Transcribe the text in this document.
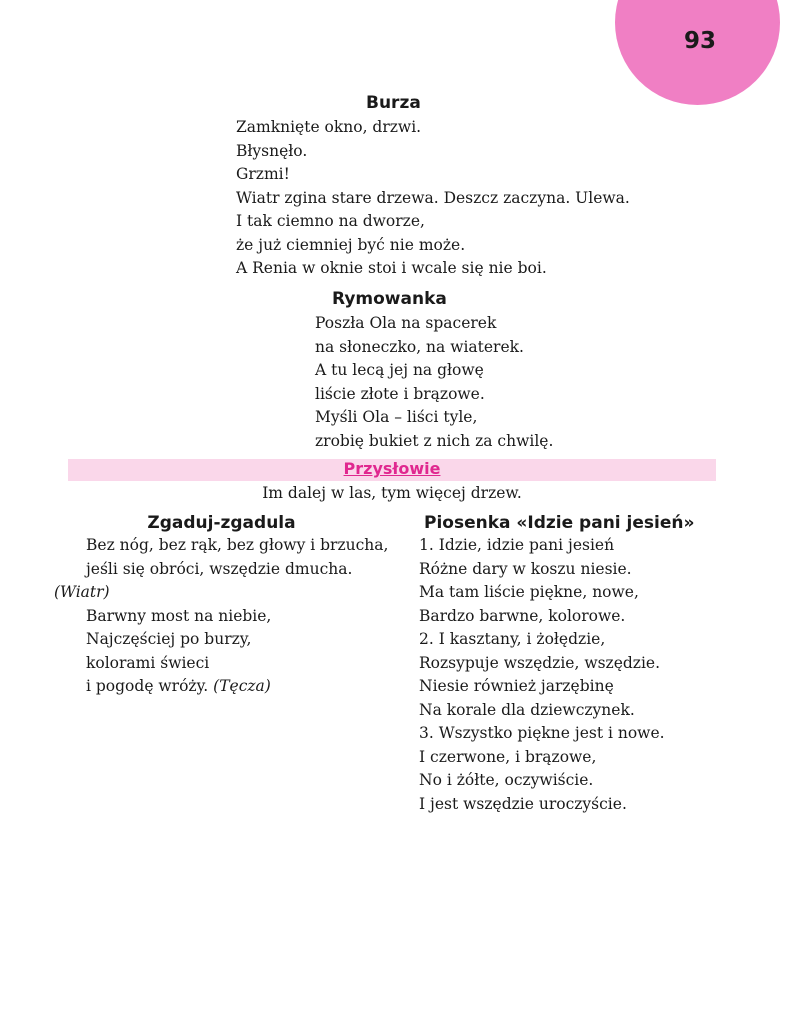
93
Burza
Zamknięte okno, drzwi.
Błysnęło.
Grzmi!
Wiatr zgina stare drzewa. Deszcz zaczyna. Ulewa.
I tak ciemno na dworze,
że już ciemniej być nie może.
A Renia w oknie stoi i wcale się nie boi.
Rymowanka
Poszła Ola na spacerek
na słoneczko, na wiaterek.
A tu lecą jej na głowę
liście złote i brązowe.
Myśli Ola – liści tyle,
zrobię bukiet z nich za chwilę.
Przysłowie
Im dalej w las, tym więcej drzew.
Zgaduj-zgadula
Bez nóg, bez rąk, bez głowy i brzucha,
jeśli się obróci, wszędzie dmucha.
(Wiatr)
Barwny most na niebie,
Najczęściej po burzy,
kolorami świeci
i pogodę wróży. (Tęcza)
Piosenka «Idzie pani jesień»
1. Idzie, idzie pani jesień
Różne dary w koszu niesie.
Ma tam liście piękne, nowe,
Bardzo barwne, kolorowe.
2. I kasztany, i żołędzie,
Rozsypuje wszędzie, wszędzie.
Niesie również jarzębinę
Na korale dla dziewczynek.
3. Wszystko piękne jest i nowe.
I czerwone, i brązowe,
No i żółte, oczywiście.
I jest wszędzie uroczyście.
